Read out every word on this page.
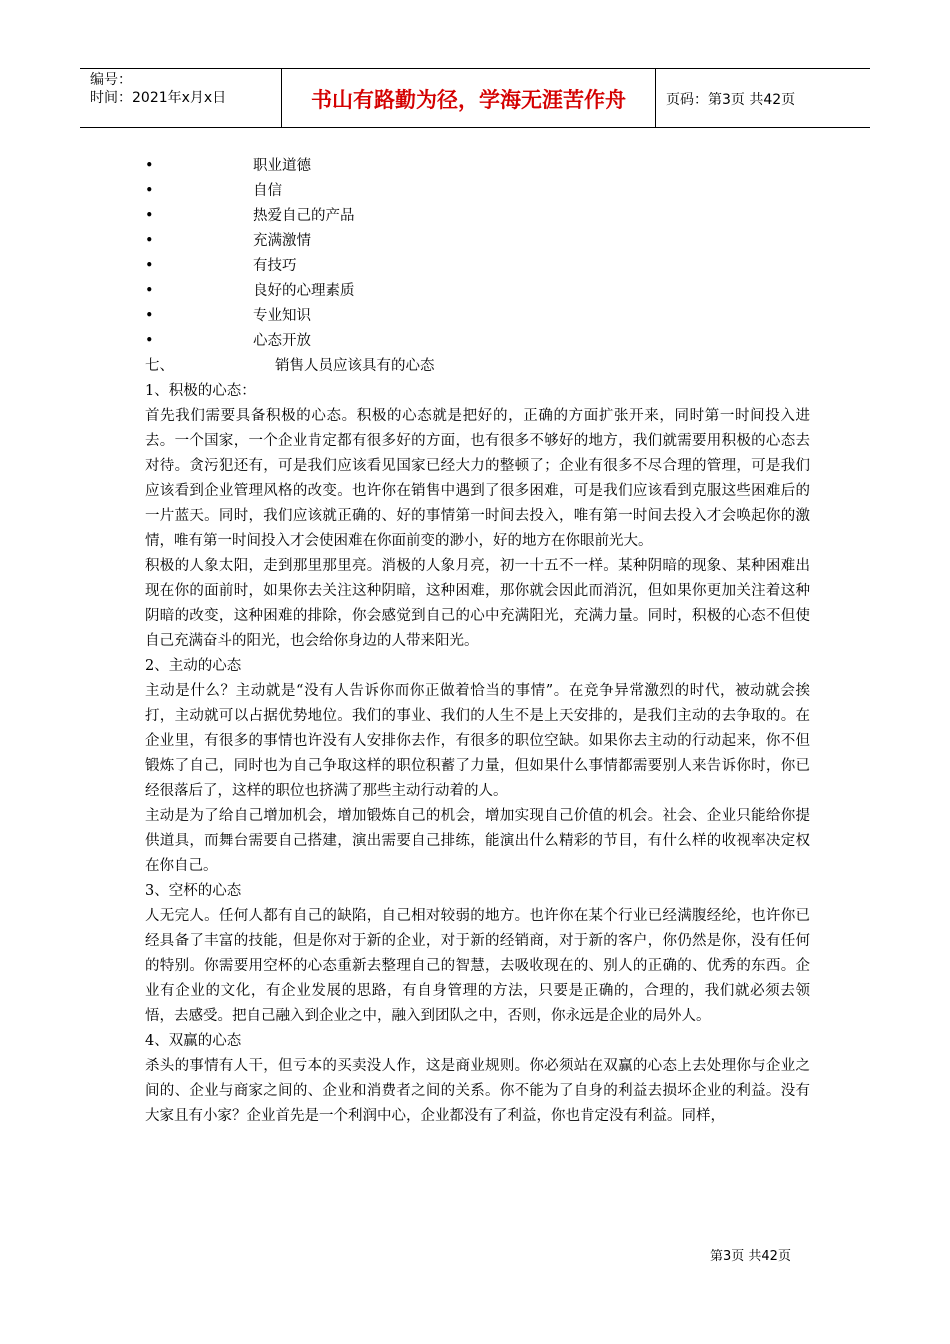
编号：
时间：2021年x月x日	书山有路勤为径，学海无涯苦作舟	页码：第3页 共42页
•	职业道德
•	自信
•	热爱自己的产品
•	充满激情
•	有技巧
•	良好的心理素质
•	专业知识
•	心态开放
七、	销售人员应该具有的心态
1、积极的心态：

首先我们需要具备积极的心态。积极的心态就是把好的，正确的方面扩张开来，同时第一时间投入进去。一个国家，一个企业肯定都有很多好的方面，也有很多不够好的地方，我们就需要用积极的心态去对待。贪污犯还有，可是我们应该看见国家已经大力的整顿了；企业有很多不尽合理的管理，可是我们应该看到企业管理风格的改变。也许你在销售中遇到了很多困难，可是我们应该看到克服这些困难后的一片蓝天。同时，我们应该就正确的、好的事情第一时间去投入，唯有第一时间去投入才会唤起你的激情，唯有第一时间投入才会使困难在你面前变的渺小，好的地方在你眼前光大。

积极的人象太阳，走到那里那里亮。消极的人象月亮，初一十五不一样。某种阴暗的现象、某种困难出现在你的面前时，如果你去关注这种阴暗，这种困难，那你就会因此而消沉，但如果你更加关注着这种阴暗的改变，这种困难的排除，你会感觉到自己的心中充满阳光，充满力量。同时，积极的心态不但使自己充满奋斗的阳光，也会给你身边的人带来阳光。

2、主动的心态

主动是什么？主动就是“没有人告诉你而你正做着恰当的事情”。在竞争异常激烈的时代，被动就会挨打，主动就可以占据优势地位。我们的事业、我们的人生不是上天安排的，是我们主动的去争取的。在企业里，有很多的事情也许没有人安排你去作，有很多的职位空缺。如果你去主动的行动起来，你不但锻炼了自己，同时也为自己争取这样的职位积蓄了力量，但如果什么事情都需要别人来告诉你时，你已经很落后了，这样的职位也挤满了那些主动行动着的人。

主动是为了给自己增加机会，增加锻炼自己的机会，增加实现自己价值的机会。社会、企业只能给你提供道具，而舞台需要自己搭建，演出需要自己排练，能演出什么精彩的节目，有什么样的收视率决定权在你自己。

3、空杯的心态

人无完人。任何人都有自己的缺陷，自己相对较弱的地方。也许你在某个行业已经满腹经纶，也许你已经具备了丰富的技能，但是你对于新的企业，对于新的经销商，对于新的客户，你仍然是你，没有任何的特别。你需要用空杯的心态重新去整理自己的智慧，去吸收现在的、别人的正确的、优秀的东西。企业有企业的文化，有企业发展的思路，有自身管理的方法，只要是正确的，合理的，我们就必须去领悟，去感受。把自己融入到企业之中，融入到团队之中，否则，你永远是企业的局外人。

4、双赢的心态

杀头的事情有人干，但亏本的买卖没人作，这是商业规则。你必须站在双赢的心态上去处理你与企业之间的、企业与商家之间的、企业和消费者之间的关系。你不能为了自身的利益去损坏企业的利益。没有大家且有小家？企业首先是一个利润中心，企业都没有了利益，你也肯定没有利益。同样，

第3页 共42页
